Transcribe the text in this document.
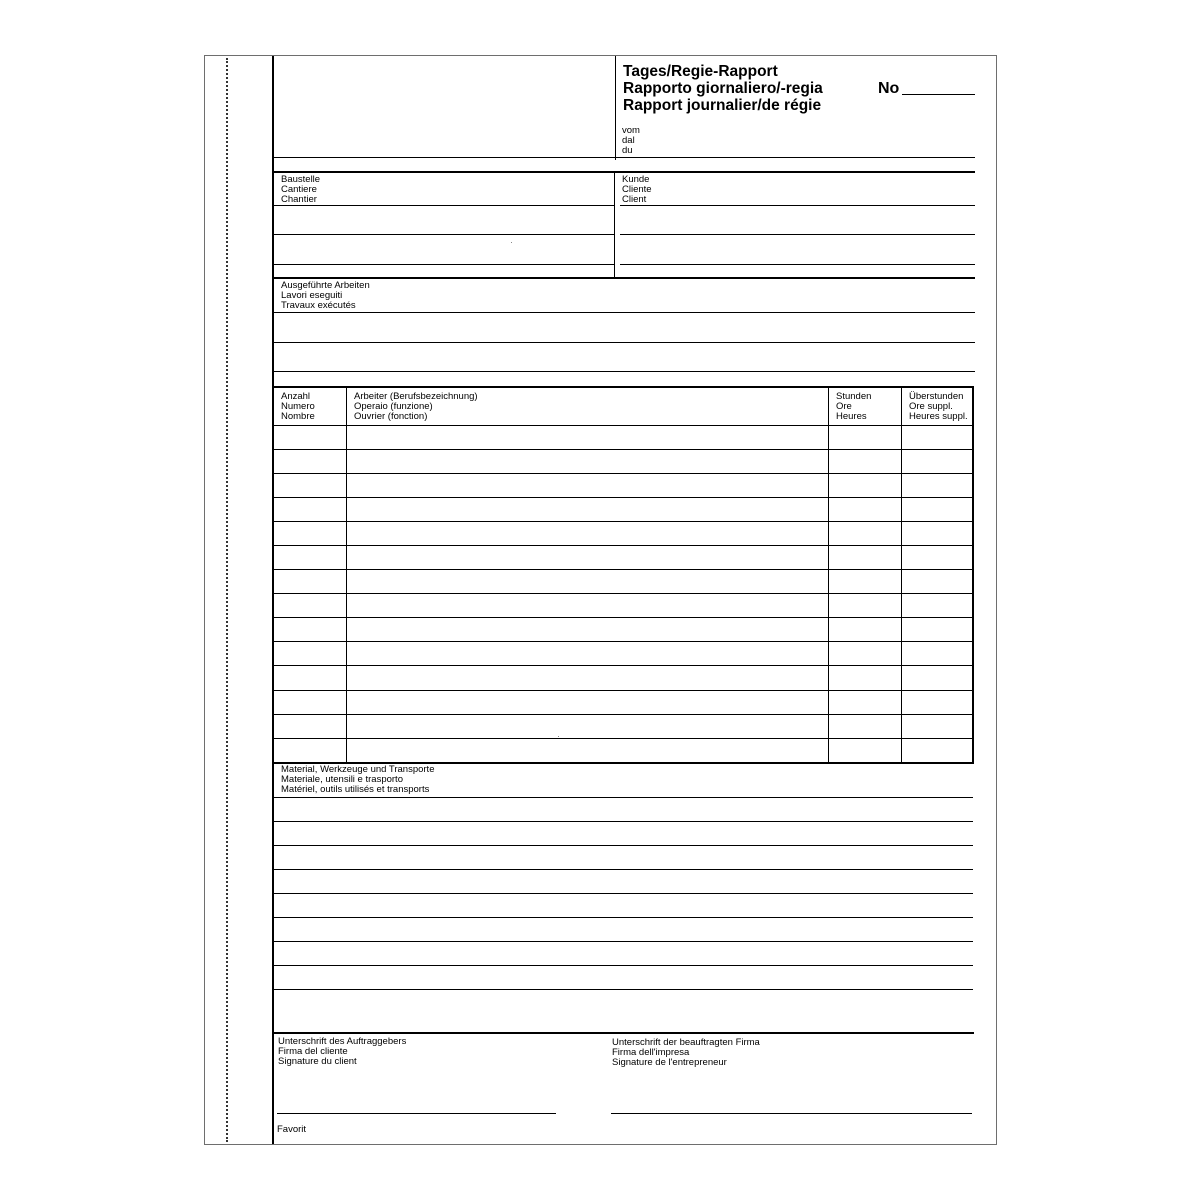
Tages/Regie-Rapport
Rapporto giornaliero/-regia
Rapport journalier/de régie
No
vom
dal
du
Baustelle
Cantiere
Chantier
Kunde
Cliente
Client
Ausgeführte Arbeiten
Lavori eseguiti
Travaux exécutés
Anzahl
Numero
Nombre
Arbeiter (Berufsbezeichnung)
Operaio (funzione)
Ouvrier (fonction)
Stunden
Ore
Heures
Überstunden
Ore suppl.
Heures suppl.
Material, Werkzeuge und Transporte
Materiale, utensili e trasporto
Matériel, outils utilisés et transports
Unterschrift des Auftraggebers
Firma del cliente
Signature du client
Unterschrift der beauftragten Firma
Firma dell'impresa
Signature de l'entrepreneur
Favorit
